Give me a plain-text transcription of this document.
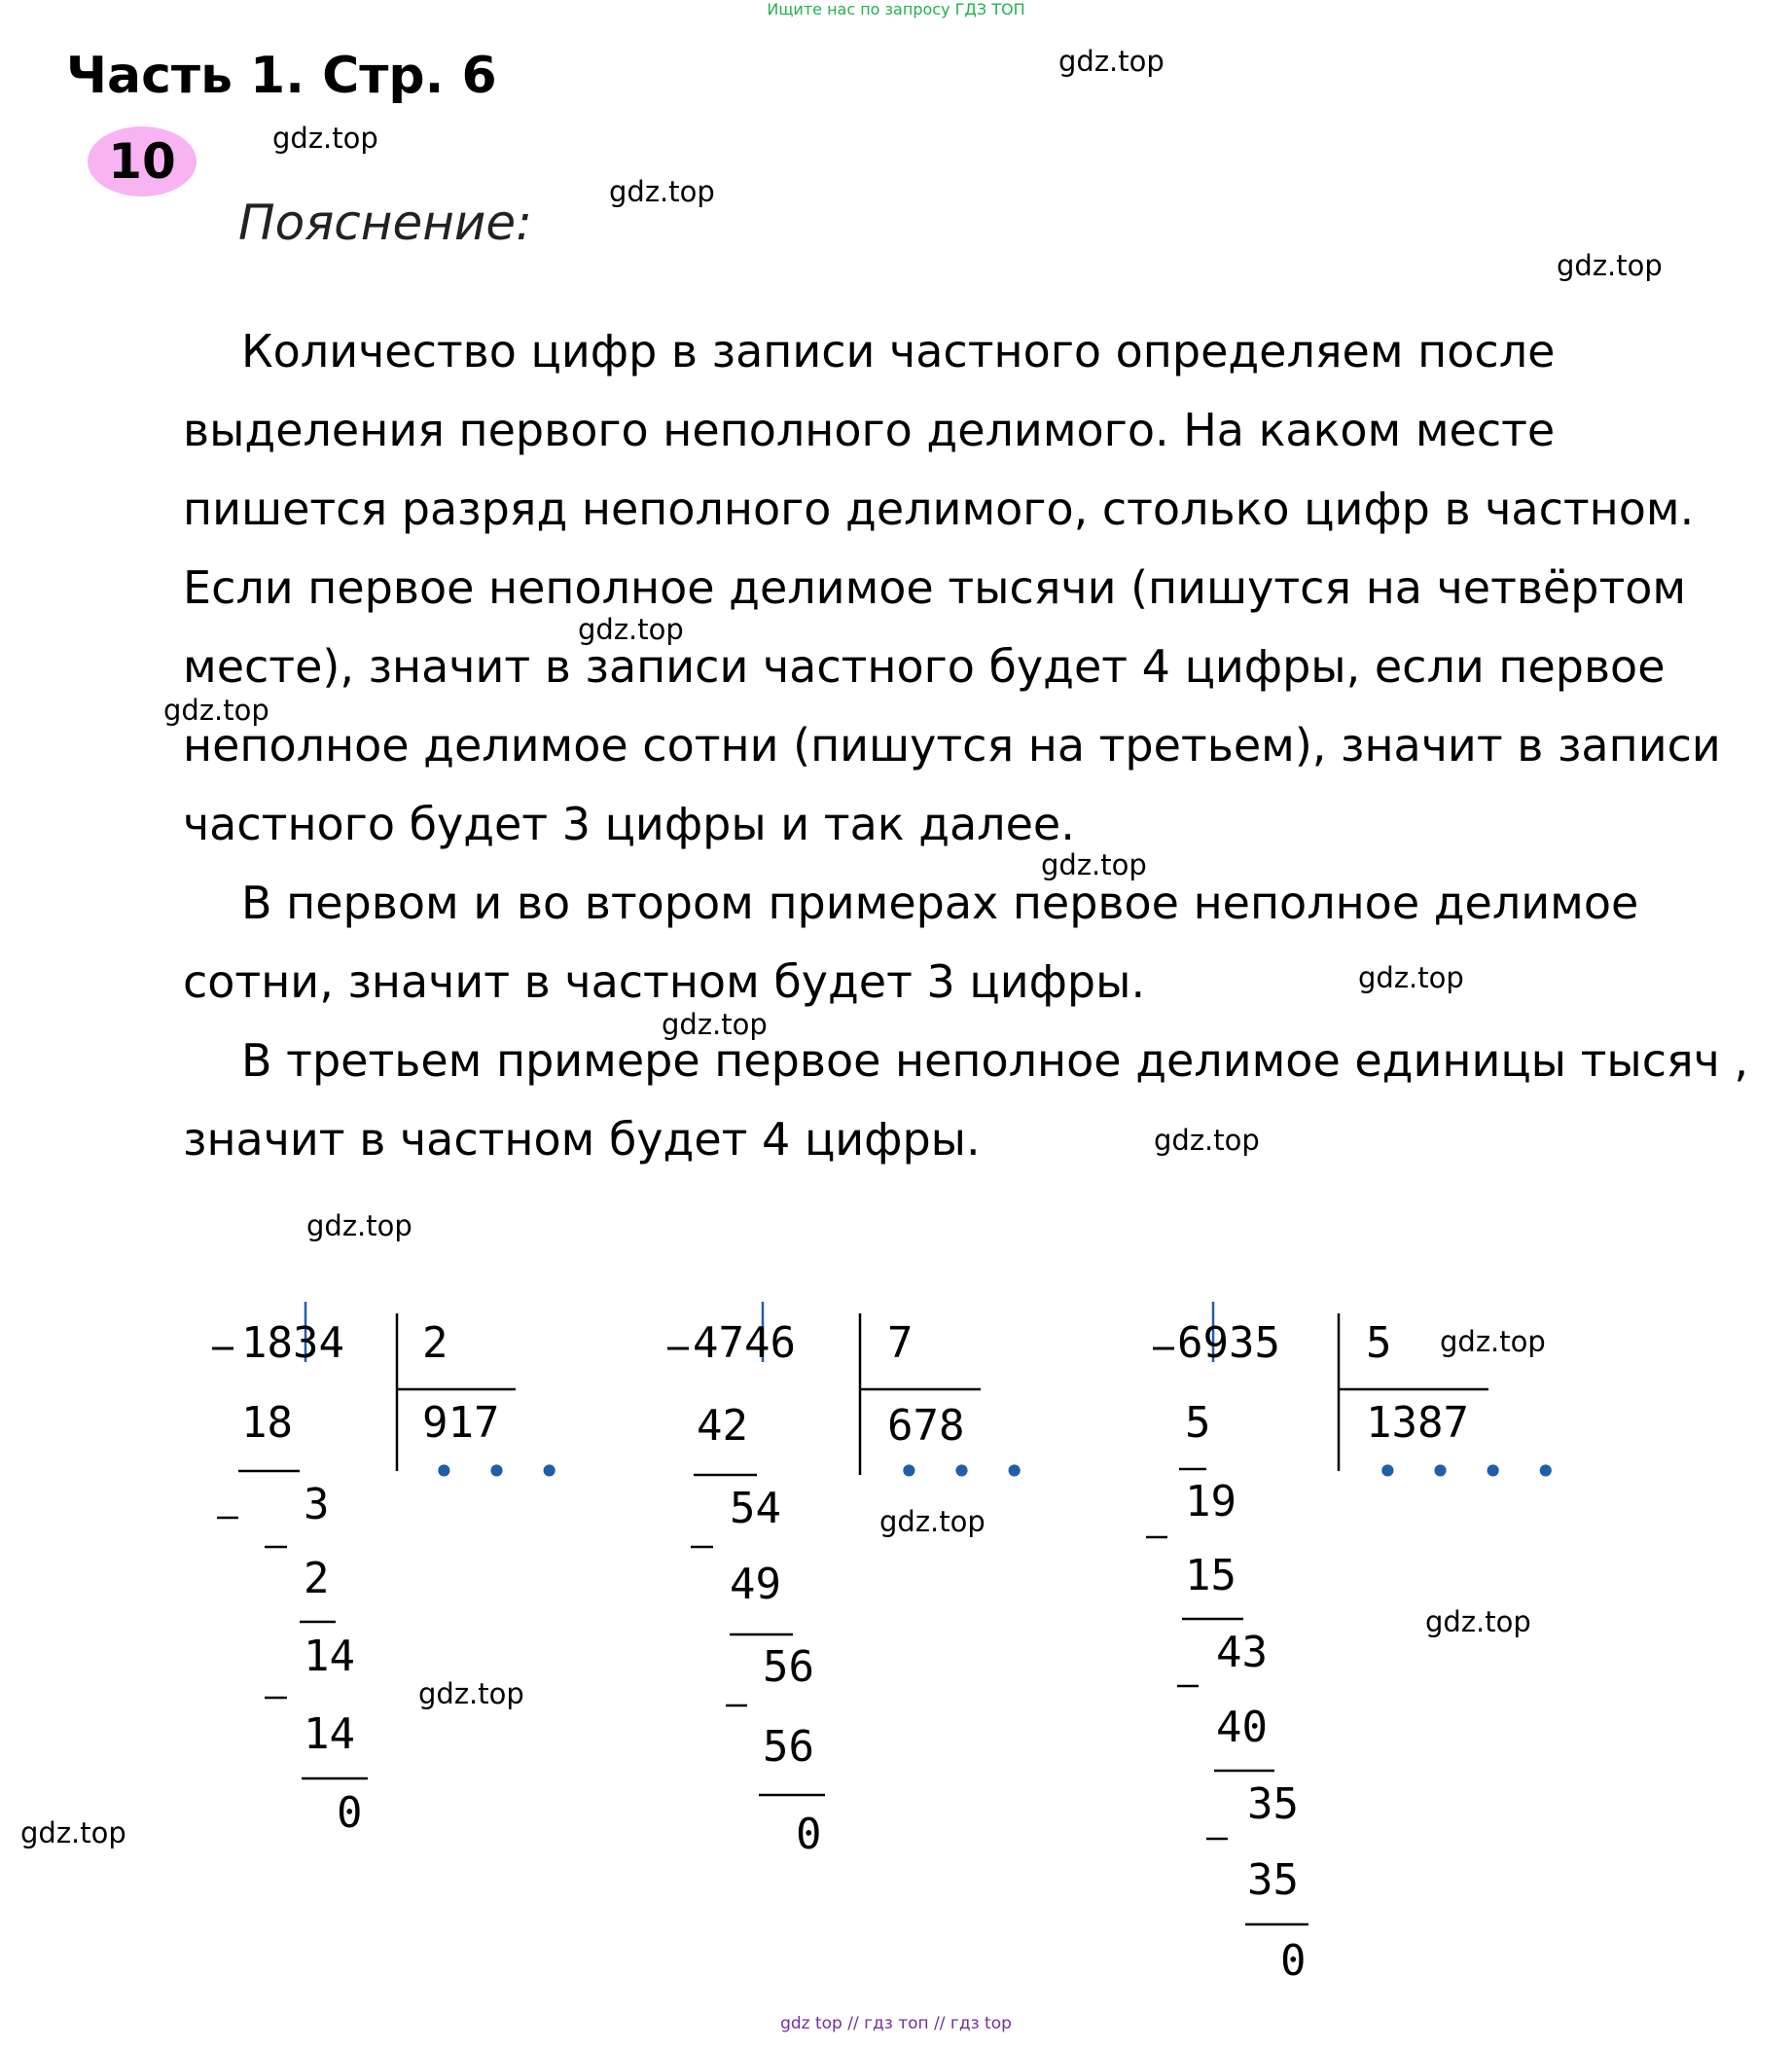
Ищите нас по запросу ГДЗ ТОП
Часть 1. Стр. 6
10
Пояснение:
Количество цифр в записи частного определяем после
выделения первого неполного делимого. На каком месте
пишется разряд неполного делимого, столько цифр в частном.
Если первое неполное делимое тысячи (пишутся на четвёртом
месте), значит в записи частного будет 4 цифры, если первое
неполное делимое сотни (пишутся на третьем), значит в записи
частного будет 3 цифры и так далее.
В первом и во втором примерах первое неполное делимое
сотни, значит в частном будет 3 цифры.
В третьем примере первое неполное делимое единицы тысяч ,
значит в частном будет 4 цифры.
gdz.top
gdz.top
gdz.top
gdz.top
gdz.top
gdz.top
gdz.top
gdz.top
gdz.top
gdz.top
gdz.top
gdz.top
gdz.top
gdz.top
gdz.top
gdz.top
1834 2
917
• • •
18
3
2
14
14
0
4746 7
678
• • •
42
54
49
56
56
0
6935 5
1387
• • • •
5
19
15
43
40
35
35
0
gdz top // гдз топ // гдз top
